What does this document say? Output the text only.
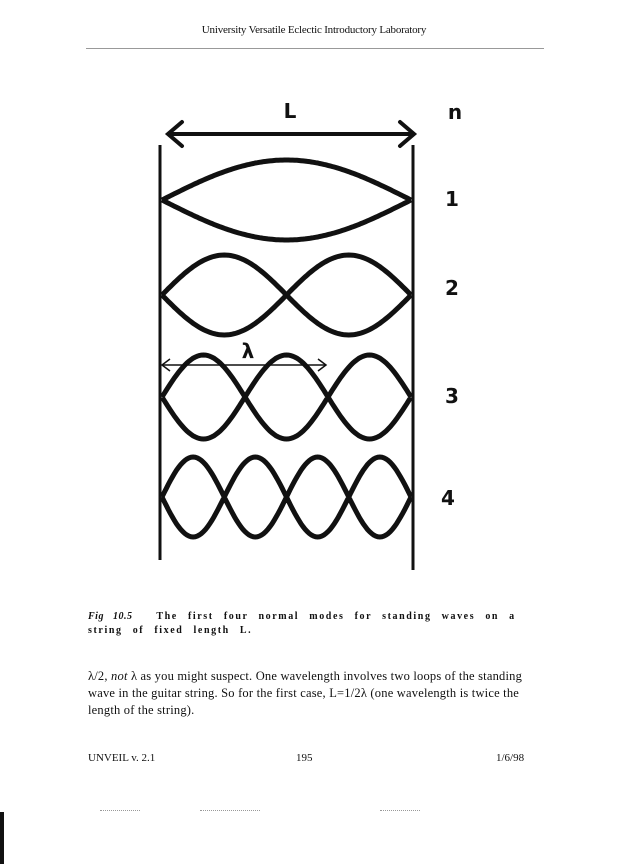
University Versatile Eclectic Introductory Laboratory
L	n
λ
1
2
3
4
Fig 10.5 The first four normal modes for standing waves on a string of fixed length L.

λ/2, not λ as you might suspect. One wavelength involves two loops of the standing wave in the guitar string. So for the first case, L=1/2λ (one wavelength is twice the length of the string).

UNVEIL v. 2.1	195	1/6/98
